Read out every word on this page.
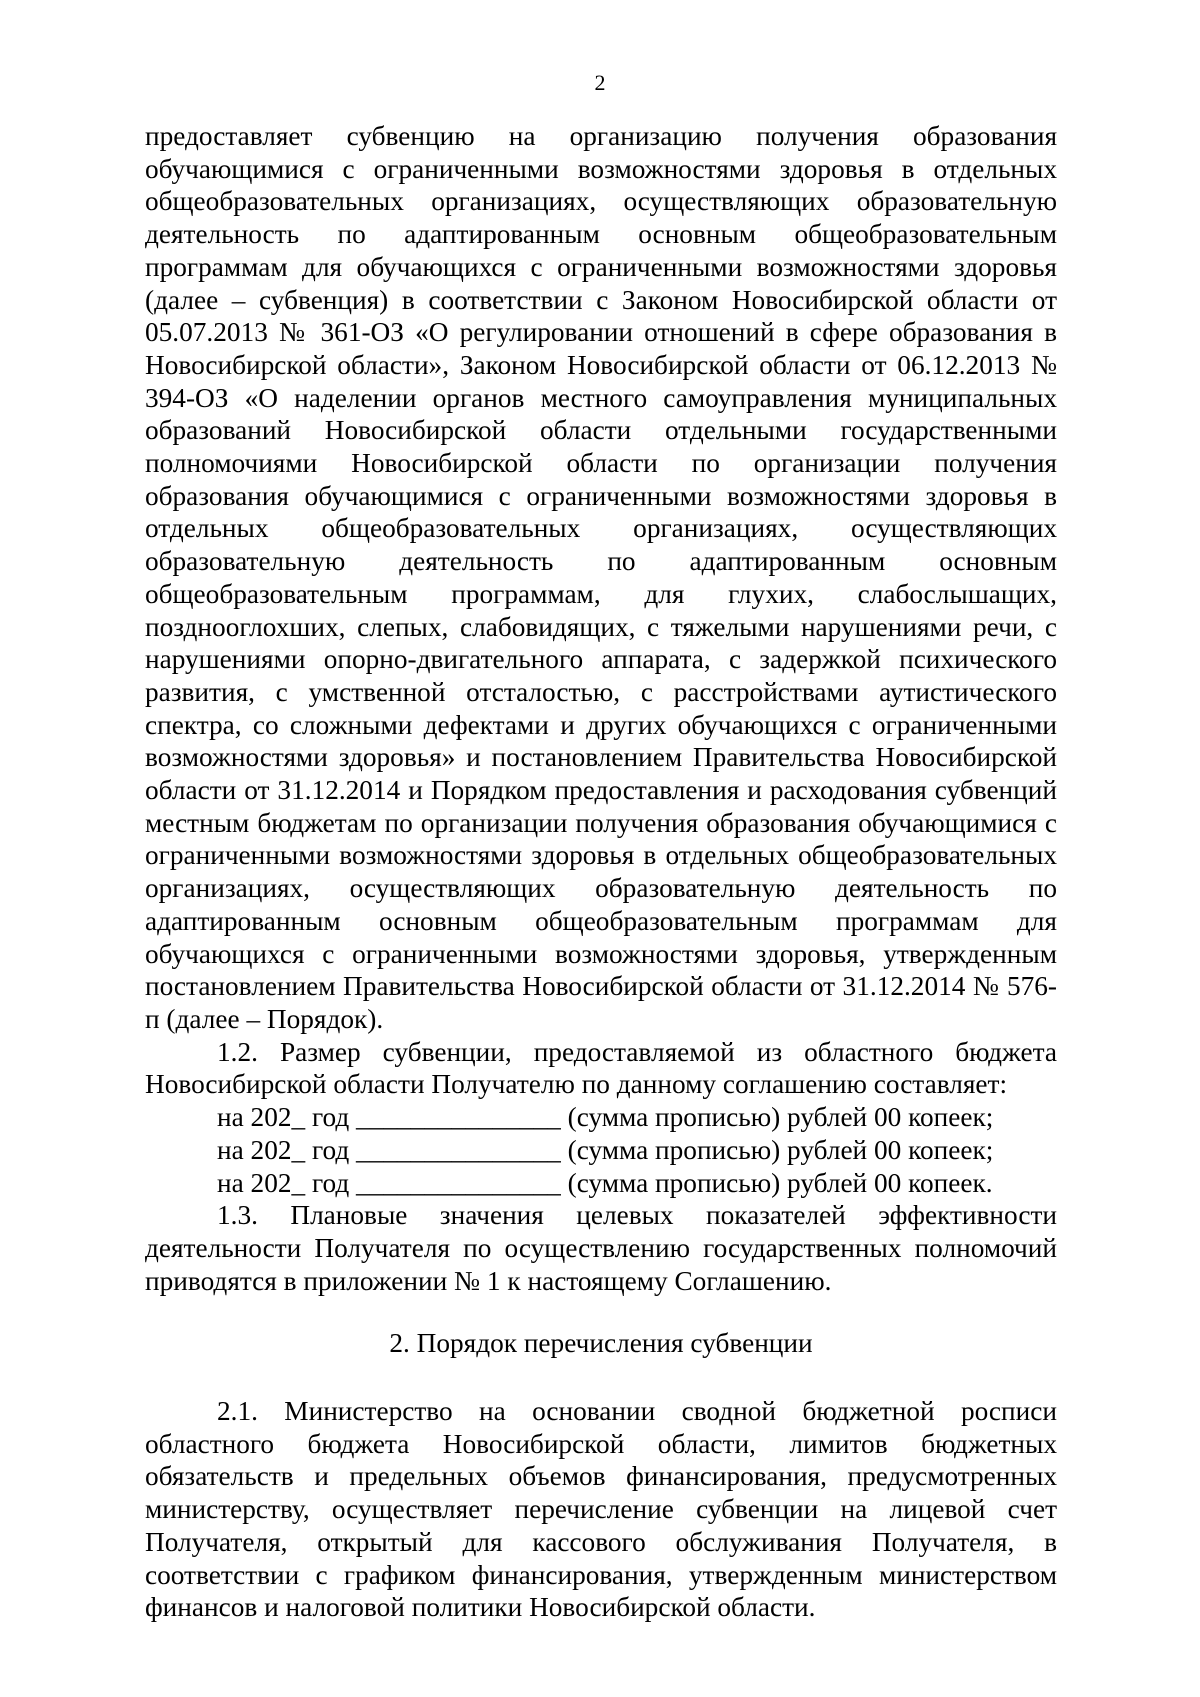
2

предоставляет субвенцию на организацию получения образования обучающимися с ограниченными возможностями здоровья в отдельных общеобразовательных организациях, осуществляющих образовательную деятельность по адаптированным основным общеобразовательным программам для обучающихся с ограниченными возможностями здоровья (далее – субвенция) в соответствии с Законом Новосибирской области от 05.07.2013 № 361-ОЗ «О регулировании отношений в сфере образования в Новосибирской области», Законом Новосибирской области от 06.12.2013 № 394-ОЗ «О наделении органов местного самоуправления муниципальных образований Новосибирской области отдельными государственными полномочиями Новосибирской области по организации получения образования обучающимися с ограниченными возможностями здоровья в отдельных общеобразовательных организациях, осуществляющих образовательную деятельность по адаптированным основным общеобразовательным программам, для глухих, слабослышащих, позднооглохших, слепых, слабовидящих, с тяжелыми нарушениями речи, с нарушениями опорно-двигательного аппарата, с задержкой психического развития, с умственной отсталостью, с расстройствами аутистического спектра, со сложными дефектами и других обучающихся с ограниченными возможностями здоровья» и постановлением Правительства Новосибирской области от 31.12.2014 и Порядком предоставления и расходования субвенций местным бюджетам по организации получения образования обучающимися с ограниченными возможностями здоровья в отдельных общеобразовательных организациях, осуществляющих образовательную деятельность по адаптированным основным общеобразовательным программам для обучающихся с ограниченными возможностями здоровья, утвержденным постановлением Правительства Новосибирской области от 31.12.2014 № 576-п (далее – Порядок).

1.2. Размер субвенции, предоставляемой из областного бюджета Новосибирской области Получателю по данному соглашению составляет:

на 202_ год _______________ (сумма прописью) рублей 00 копеек;

на 202_ год _______________ (сумма прописью) рублей 00 копеек;

на 202_ год _______________ (сумма прописью) рублей 00 копеек.

1.3. Плановые значения целевых показателей эффективности деятельности Получателя по осуществлению государственных полномочий приводятся в приложении № 1 к настоящему Соглашению.

2. Порядок перечисления субвенции

2.1. Министерство на основании сводной бюджетной росписи областного бюджета Новосибирской области, лимитов бюджетных обязательств и предельных объемов финансирования, предусмотренных министерству, осуществляет перечисление субвенции на лицевой счет Получателя, открытый для кассового обслуживания Получателя, в соответствии с графиком финансирования, утвержденным министерством финансов и налоговой политики Новосибирской области.
